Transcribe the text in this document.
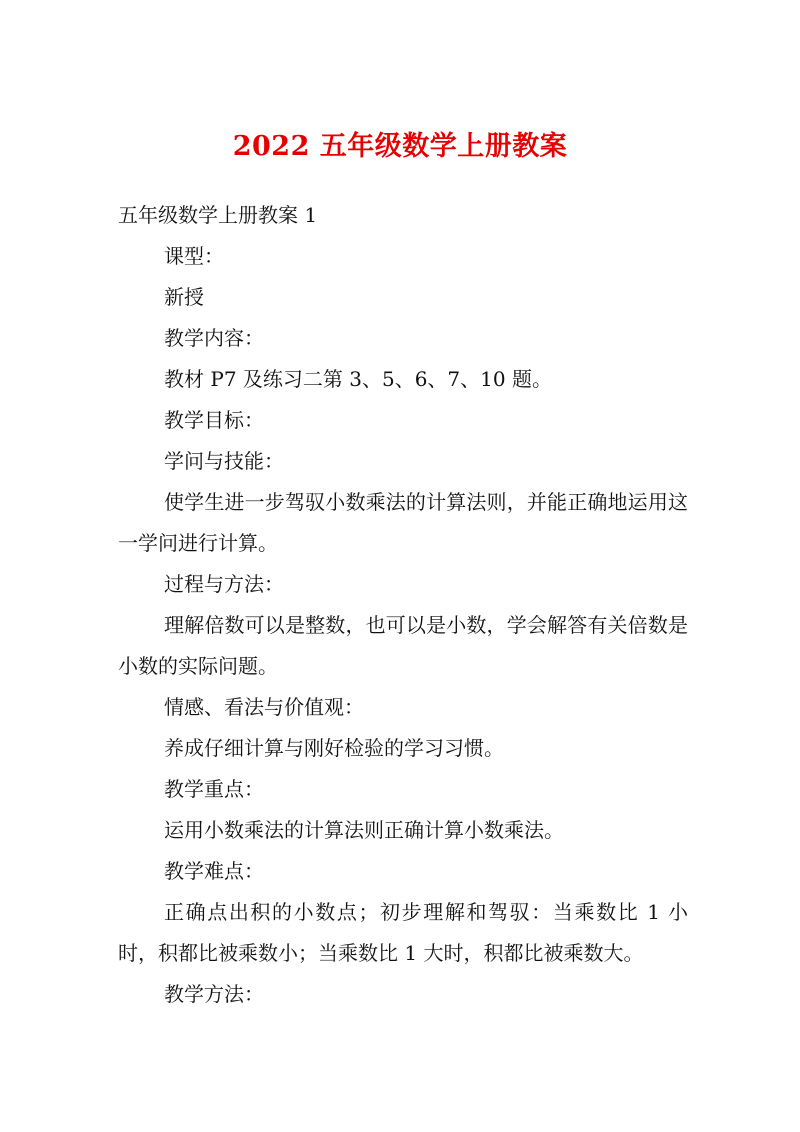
2022 五年级数学上册教案

五年级数学上册教案 1

课型：

新授

教学内容：

教材 P7 及练习二第 3、5、6、7、10 题。

教学目标：

学问与技能：

使学生进一步驾驭小数乘法的计算法则，并能正确地运用这一学问进行计算。

过程与方法：

理解倍数可以是整数，也可以是小数，学会解答有关倍数是小数的实际问题。

情感、看法与价值观：

养成仔细计算与刚好检验的学习习惯。

教学重点：

运用小数乘法的计算法则正确计算小数乘法。

教学难点：

正确点出积的小数点；初步理解和驾驭：当乘数比 1 小时，积都比被乘数小；当乘数比 1 大时，积都比被乘数大。

教学方法：
